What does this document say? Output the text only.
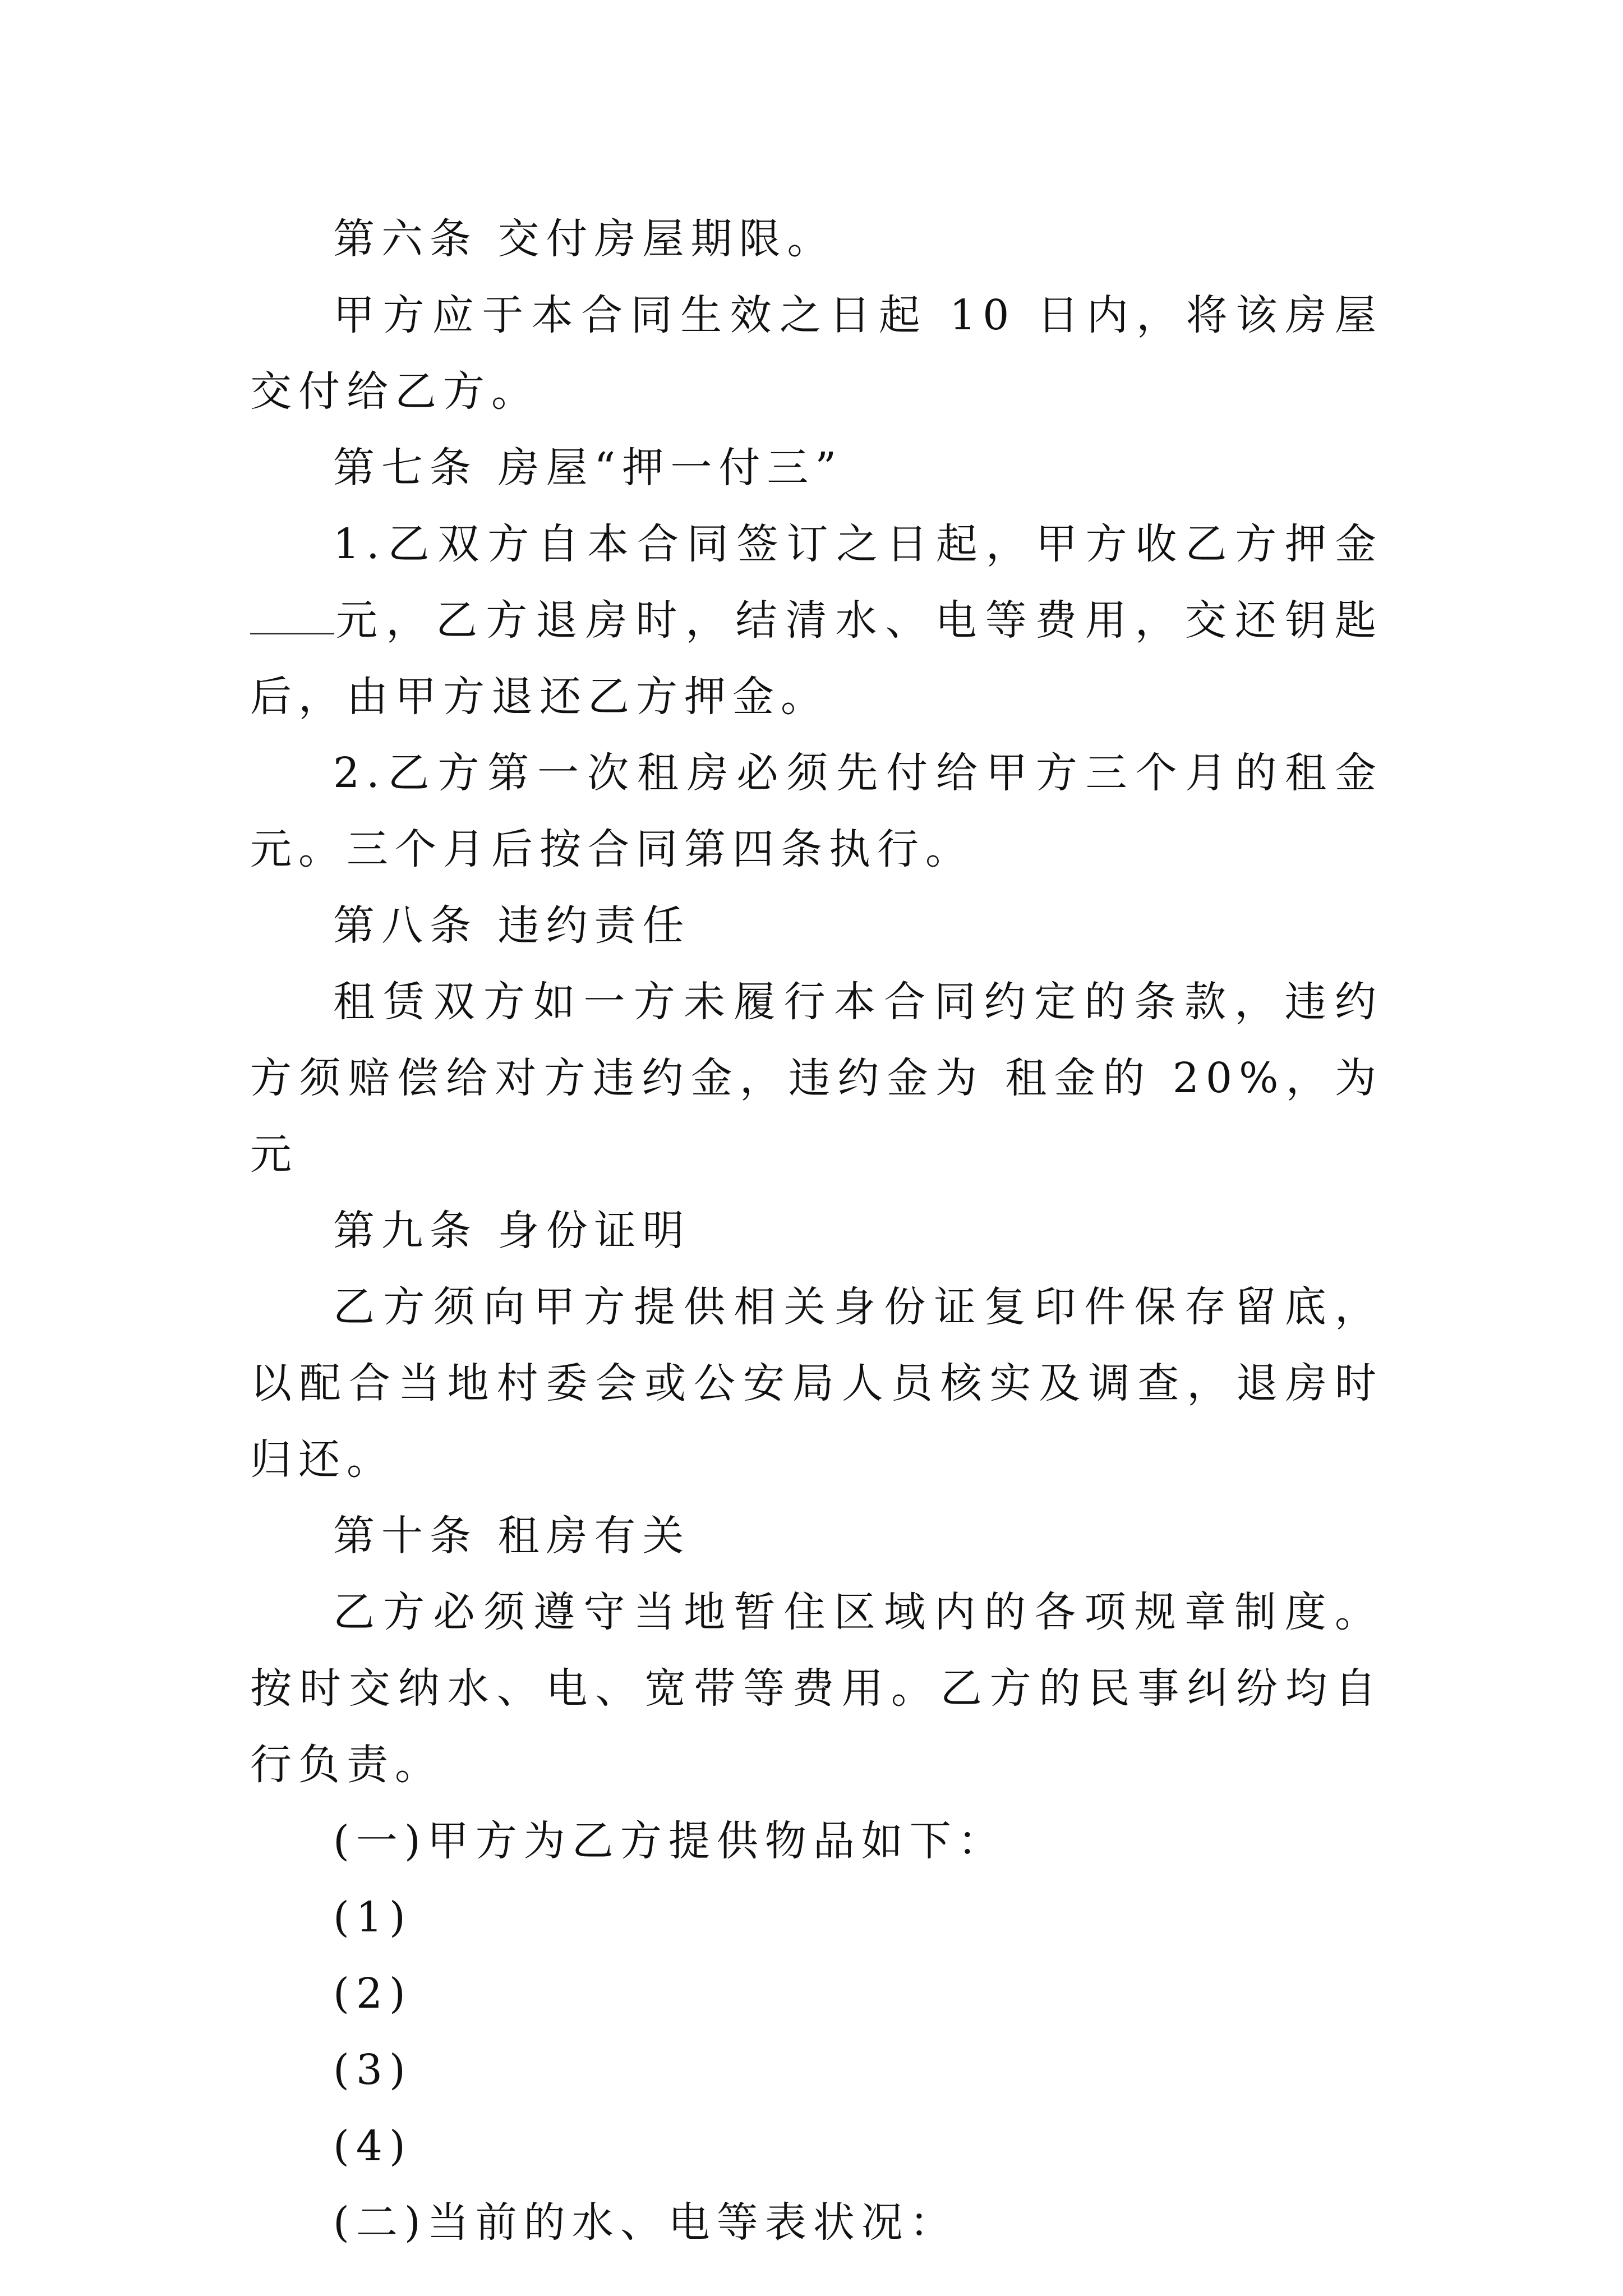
第六条 交付房屋期限。

甲方应于本合同生效之日起 10 日内，将该房屋交付给乙方。

第七条 房屋“押一付三”

1.乙双方自本合同签订之日起，甲方收乙方押金元，乙方退房时，结清水、电等费用，交还钥匙后，由甲方退还乙方押金。

2.乙方第一次租房必须先付给甲方三个月的租金元。三个月后按合同第四条执行。

第八条 违约责任

租赁双方如一方未履行本合同约定的条款，违约方须赔偿给对方违约金，违约金为 租金的 20%，为元

第九条 身份证明

乙方须向甲方提供相关身份证复印件保存留底，以配合当地村委会或公安局人员核实及调查，退房时归还。

第十条 租房有关

乙方必须遵守当地暂住区域内的各项规章制度。按时交纳水、电、宽带等费用。乙方的民事纠纷均自行负责。

(一)甲方为乙方提供物品如下：

(1)

(2)

(3)

(4)

(二)当前的水、电等表状况：
